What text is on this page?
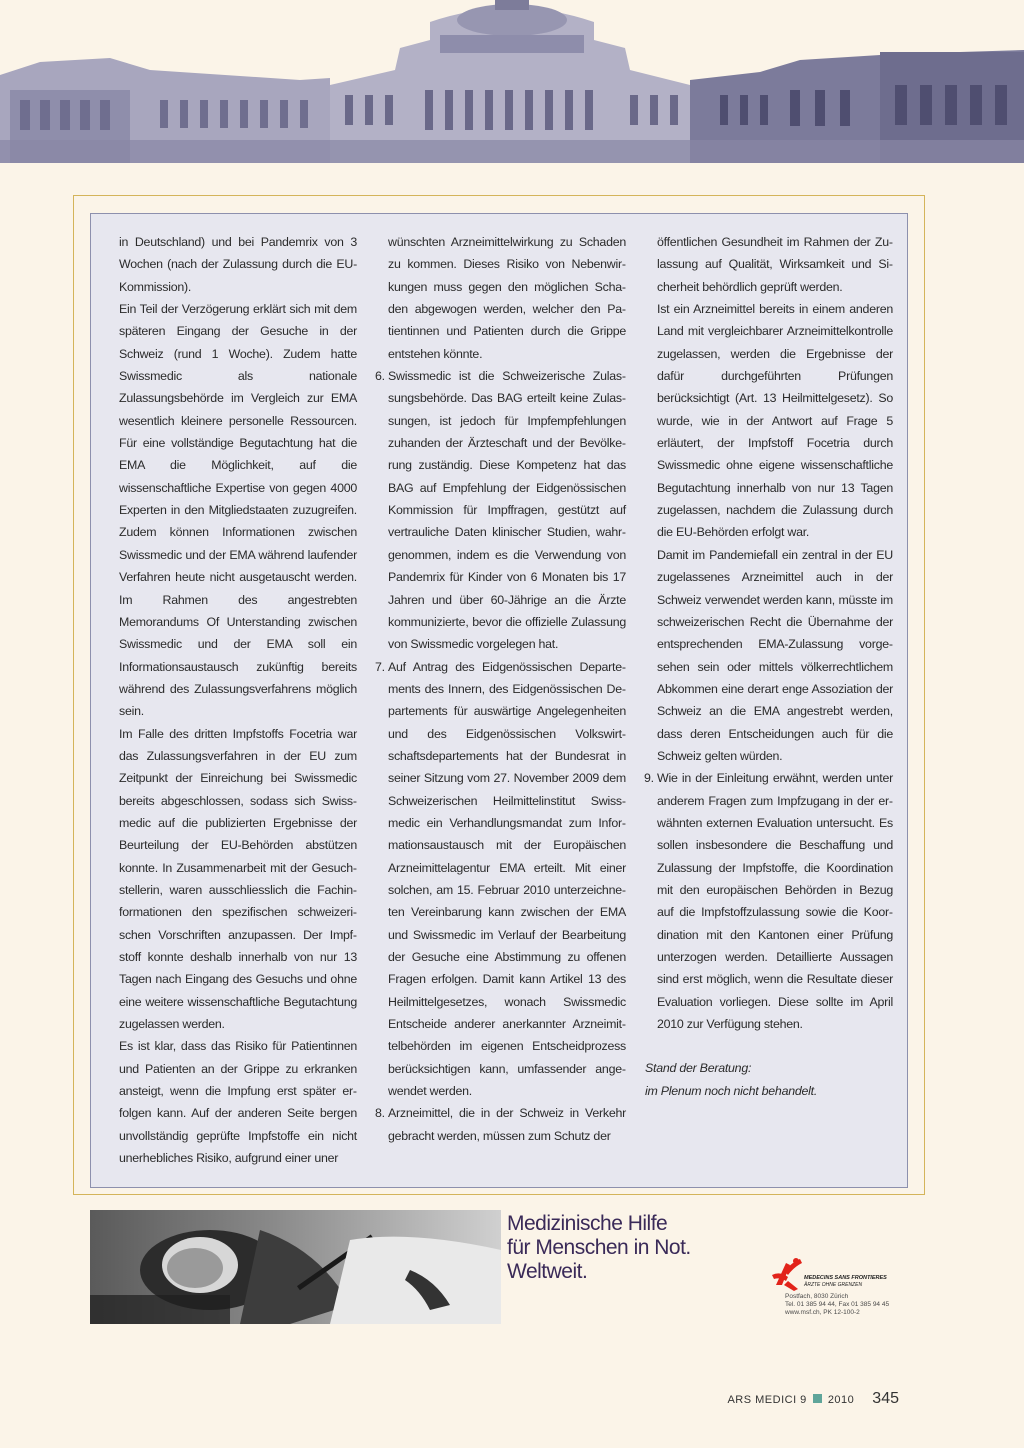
in Deutschland) und bei Pandemrix von 3 Wochen (nach der Zulassung durch die EU-Kommission).

Ein Teil der Verzögerung erklärt sich mit dem späteren Eingang der Gesuche in der Schweiz (rund 1 Woche). Zudem hatte Swissmedic als nationale Zulassungsbehörde im Vergleich zur EMA wesentlich kleinere personelle Ressourcen. Für eine vollständige Begutachtung hat die EMA die Möglichkeit, auf die wissenschaftliche Expertise von gegen 4000 Experten in den Mitgliedstaaten zuzugreifen. Zudem können Informationen zwischen Swissmedic und der EMA während laufender Verfahren heute nicht ausgetauscht werden. Im Rahmen des angestrebten Memorandums Of Unterstanding zwischen Swissmedic und der EMA soll ein Informationsaustausch zukünftig bereits während des Zulassungsverfahrens möglich sein.

Im Falle des dritten Impfstoffs Focetria war das Zulassungsverfahren in der EU zum Zeitpunkt der Einreichung bei Swissmedic bereits abgeschlossen, sodass sich Swissmedic auf die publizierten Ergebnisse der Beurteilung der EU-Behörden abstützen konnte. In Zusammenarbeit mit der Gesuchstellerin, waren ausschliesslich die Fachinformationen den spezifischen schweizerischen Vorschriften anzupassen. Der Impfstoff konnte deshalb innerhalb von nur 13 Tagen nach Eingang des Gesuchs und ohne eine weitere wissenschaftliche Begutachtung zugelassen werden.

Es ist klar, dass das Risiko für Patientinnen und Patienten an der Grippe zu erkranken ansteigt, wenn die Impfung erst später erfolgen kann. Auf der anderen Seite bergen unvollständig geprüfte Impfstoffe ein nicht unerhebliches Risiko, aufgrund einer uner

wünschten Arzneimittelwirkung zu Schaden zu kommen. Dieses Risiko von Nebenwirkungen muss gegen den möglichen Schaden abgewogen werden, welcher den Patientinnen und Patienten durch die Grippe entstehen könnte.

6. Swissmedic ist die Schweizerische Zulassungsbehörde. Das BAG erteilt keine Zulassungen, ist jedoch für Impfempfehlungen zuhanden der Ärzteschaft und der Bevölkerung zuständig. Diese Kompetenz hat das BAG auf Empfehlung der Eidgenössischen Kommission für Impffragen, gestützt auf vertrauliche Daten klinischer Studien, wahrgenommen, indem es die Verwendung von Pandemrix für Kinder von 6 Monaten bis 17 Jahren und über 60-Jährige an die Ärzte kommunizierte, bevor die offizielle Zulassung von Swissmedic vorgelegen hat.

7. Auf Antrag des Eidgenössischen Departements des Innern, des Eidgenössischen Departements für auswärtige Angelegenheiten und des Eidgenössischen Volkswirtschaftsdepartements hat der Bundesrat in seiner Sitzung vom 27. November 2009 dem Schweizerischen Heilmittelinstitut Swissmedic ein Verhandlungsmandat zum Informationsaustausch mit der Europäischen Arzneimittelagentur EMA erteilt. Mit einer solchen, am 15. Februar 2010 unterzeichneten Vereinbarung kann zwischen der EMA und Swissmedic im Verlauf der Bearbeitung der Gesuche eine Abstimmung zu offenen Fragen erfolgen. Damit kann Artikel 13 des Heilmittelgesetzes, wonach Swissmedic Entscheide anderer anerkannter Arzneimittelbehörden im eigenen Entscheidprozess berücksichtigen kann, umfassender angewendet werden.

8. Arzneimittel, die in der Schweiz in Verkehr gebracht werden, müssen zum Schutz der

öffentlichen Gesundheit im Rahmen der Zulassung auf Qualität, Wirksamkeit und Sicherheit behördlich geprüft werden.

Ist ein Arzneimittel bereits in einem anderen Land mit vergleichbarer Arzneimittelkontrolle zugelassen, werden die Ergebnisse der dafür durchgeführten Prüfungen berücksichtigt (Art. 13 Heilmittelgesetz). So wurde, wie in der Antwort auf Frage 5 erläutert, der Impfstoff Focetria durch Swissmedic ohne eigene wissenschaftliche Begutachtung innerhalb von nur 13 Tagen zugelassen, nachdem die Zulassung durch die EU-Behörden erfolgt war.

Damit im Pandemiefall ein zentral in der EU zugelassenes Arzneimittel auch in der Schweiz verwendet werden kann, müsste im schweizerischen Recht die Übernahme der entsprechenden EMA-Zulassung vorgesehen sein oder mittels völkerrechtlichem Abkommen eine derart enge Assoziation der Schweiz an die EMA angestrebt werden, dass deren Entscheidungen auch für die Schweiz gelten würden.

9. Wie in der Einleitung erwähnt, werden unter anderem Fragen zum Impfzugang in der erwähnten externen Evaluation untersucht. Es sollen insbesondere die Beschaffung und Zulassung der Impfstoffe, die Koordination mit den europäischen Behörden in Bezug auf die Impfstoffzulassung sowie die Koordination mit den Kantonen einer Prüfung unterzogen werden. Detaillierte Aussagen sind erst möglich, wenn die Resultate dieser Evaluation vorliegen. Diese sollte im April 2010 zur Verfügung stehen.

Stand der Beratung:
im Plenum noch nicht behandelt.
Medizinische Hilfe
für Menschen in Not.
Weltweit.	MEDECINS SANS FRONTIERES
ÄRZTE OHNE GRENZEN
Postfach, 8030 Zürich
Tel. 01 385 94 44, Fax 01 385 94 45
www.msf.ch, PK 12-100-2
ARS MEDICI 9 2010 345
